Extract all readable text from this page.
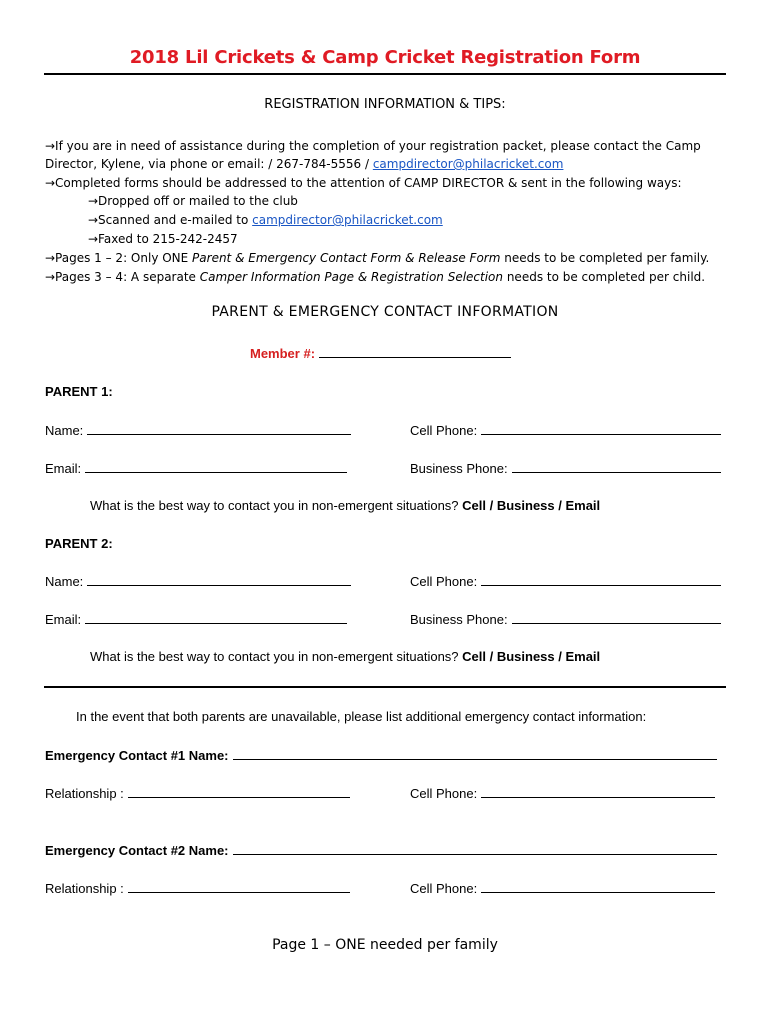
2018 Lil Crickets & Camp Cricket Registration Form
REGISTRATION INFORMATION & TIPS:
→If you are in need of assistance during the completion of your registration packet, please contact the Camp
Director, Kylene, via phone or email: / 267-784-5556 / campdirector@philacricket.com
→Completed forms should be addressed to the attention of CAMP DIRECTOR & sent in the following ways:
→Dropped off or mailed to the club
→Scanned and e-mailed to campdirector@philacricket.com
→Faxed to 215-242-2457
→Pages 1 – 2: Only ONE Parent & Emergency Contact Form & Release Form needs to be completed per family.
→Pages 3 – 4: A separate Camper Information Page & Registration Selection needs to be completed per child.
PARENT & EMERGENCY CONTACT INFORMATION
Member #:
PARENT 1:
Name:	Cell Phone:
Email:	Business Phone:
What is the best way to contact you in non-emergent situations? Cell / Business / Email
PARENT 2:
Name:	Cell Phone:
Email:	Business Phone:
What is the best way to contact you in non-emergent situations? Cell / Business / Email
In the event that both parents are unavailable, please list additional emergency contact information:
Emergency Contact #1 Name:
Relationship :	Cell Phone:
Emergency Contact #2 Name:
Relationship :	Cell Phone:
Page 1 – ONE needed per family
